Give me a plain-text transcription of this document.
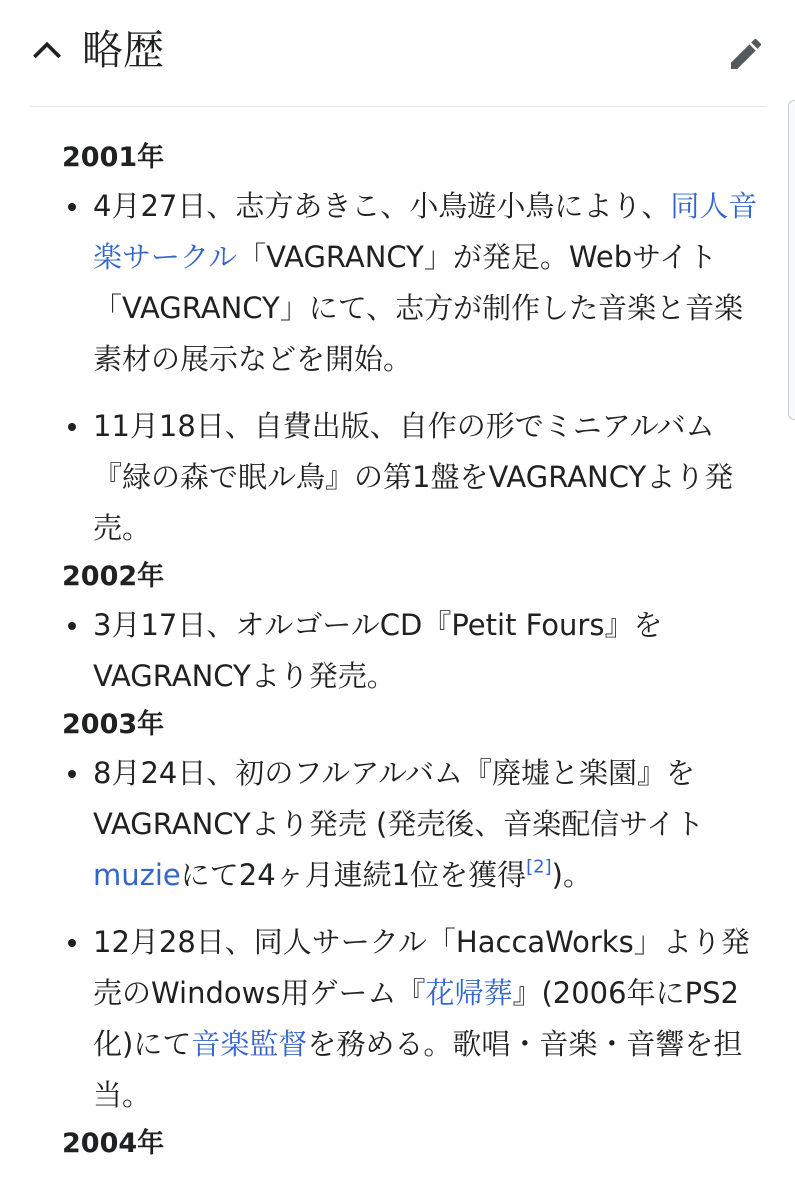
略歴
2001年
4月27日、志方あきこ、小鳥遊小鳥により、同人音楽サークル「VAGRANCY」が発足。Webサイト「VAGRANCY」にて、志方が制作した音楽と音楽素材の展示などを開始。
11月18日、自費出版、自作の形でミニアルバム『緑の森で眠ル鳥』の第1盤をVAGRANCYより発売。
2002年
3月17日、オルゴールCD『Petit Fours』をVAGRANCYより発売。
2003年
8月24日、初のフルアルバム『廃墟と楽園』をVAGRANCYより発売 (発売後、音楽配信サイトmuzieにて24ヶ月連続1位を獲得[2])。
12月28日、同人サークル「HaccaWorks」より発売のWindows用ゲーム『花帰葬』(2006年にPS2化)にて音楽監督を務める。歌唱・音楽・音響を担当。
2004年
